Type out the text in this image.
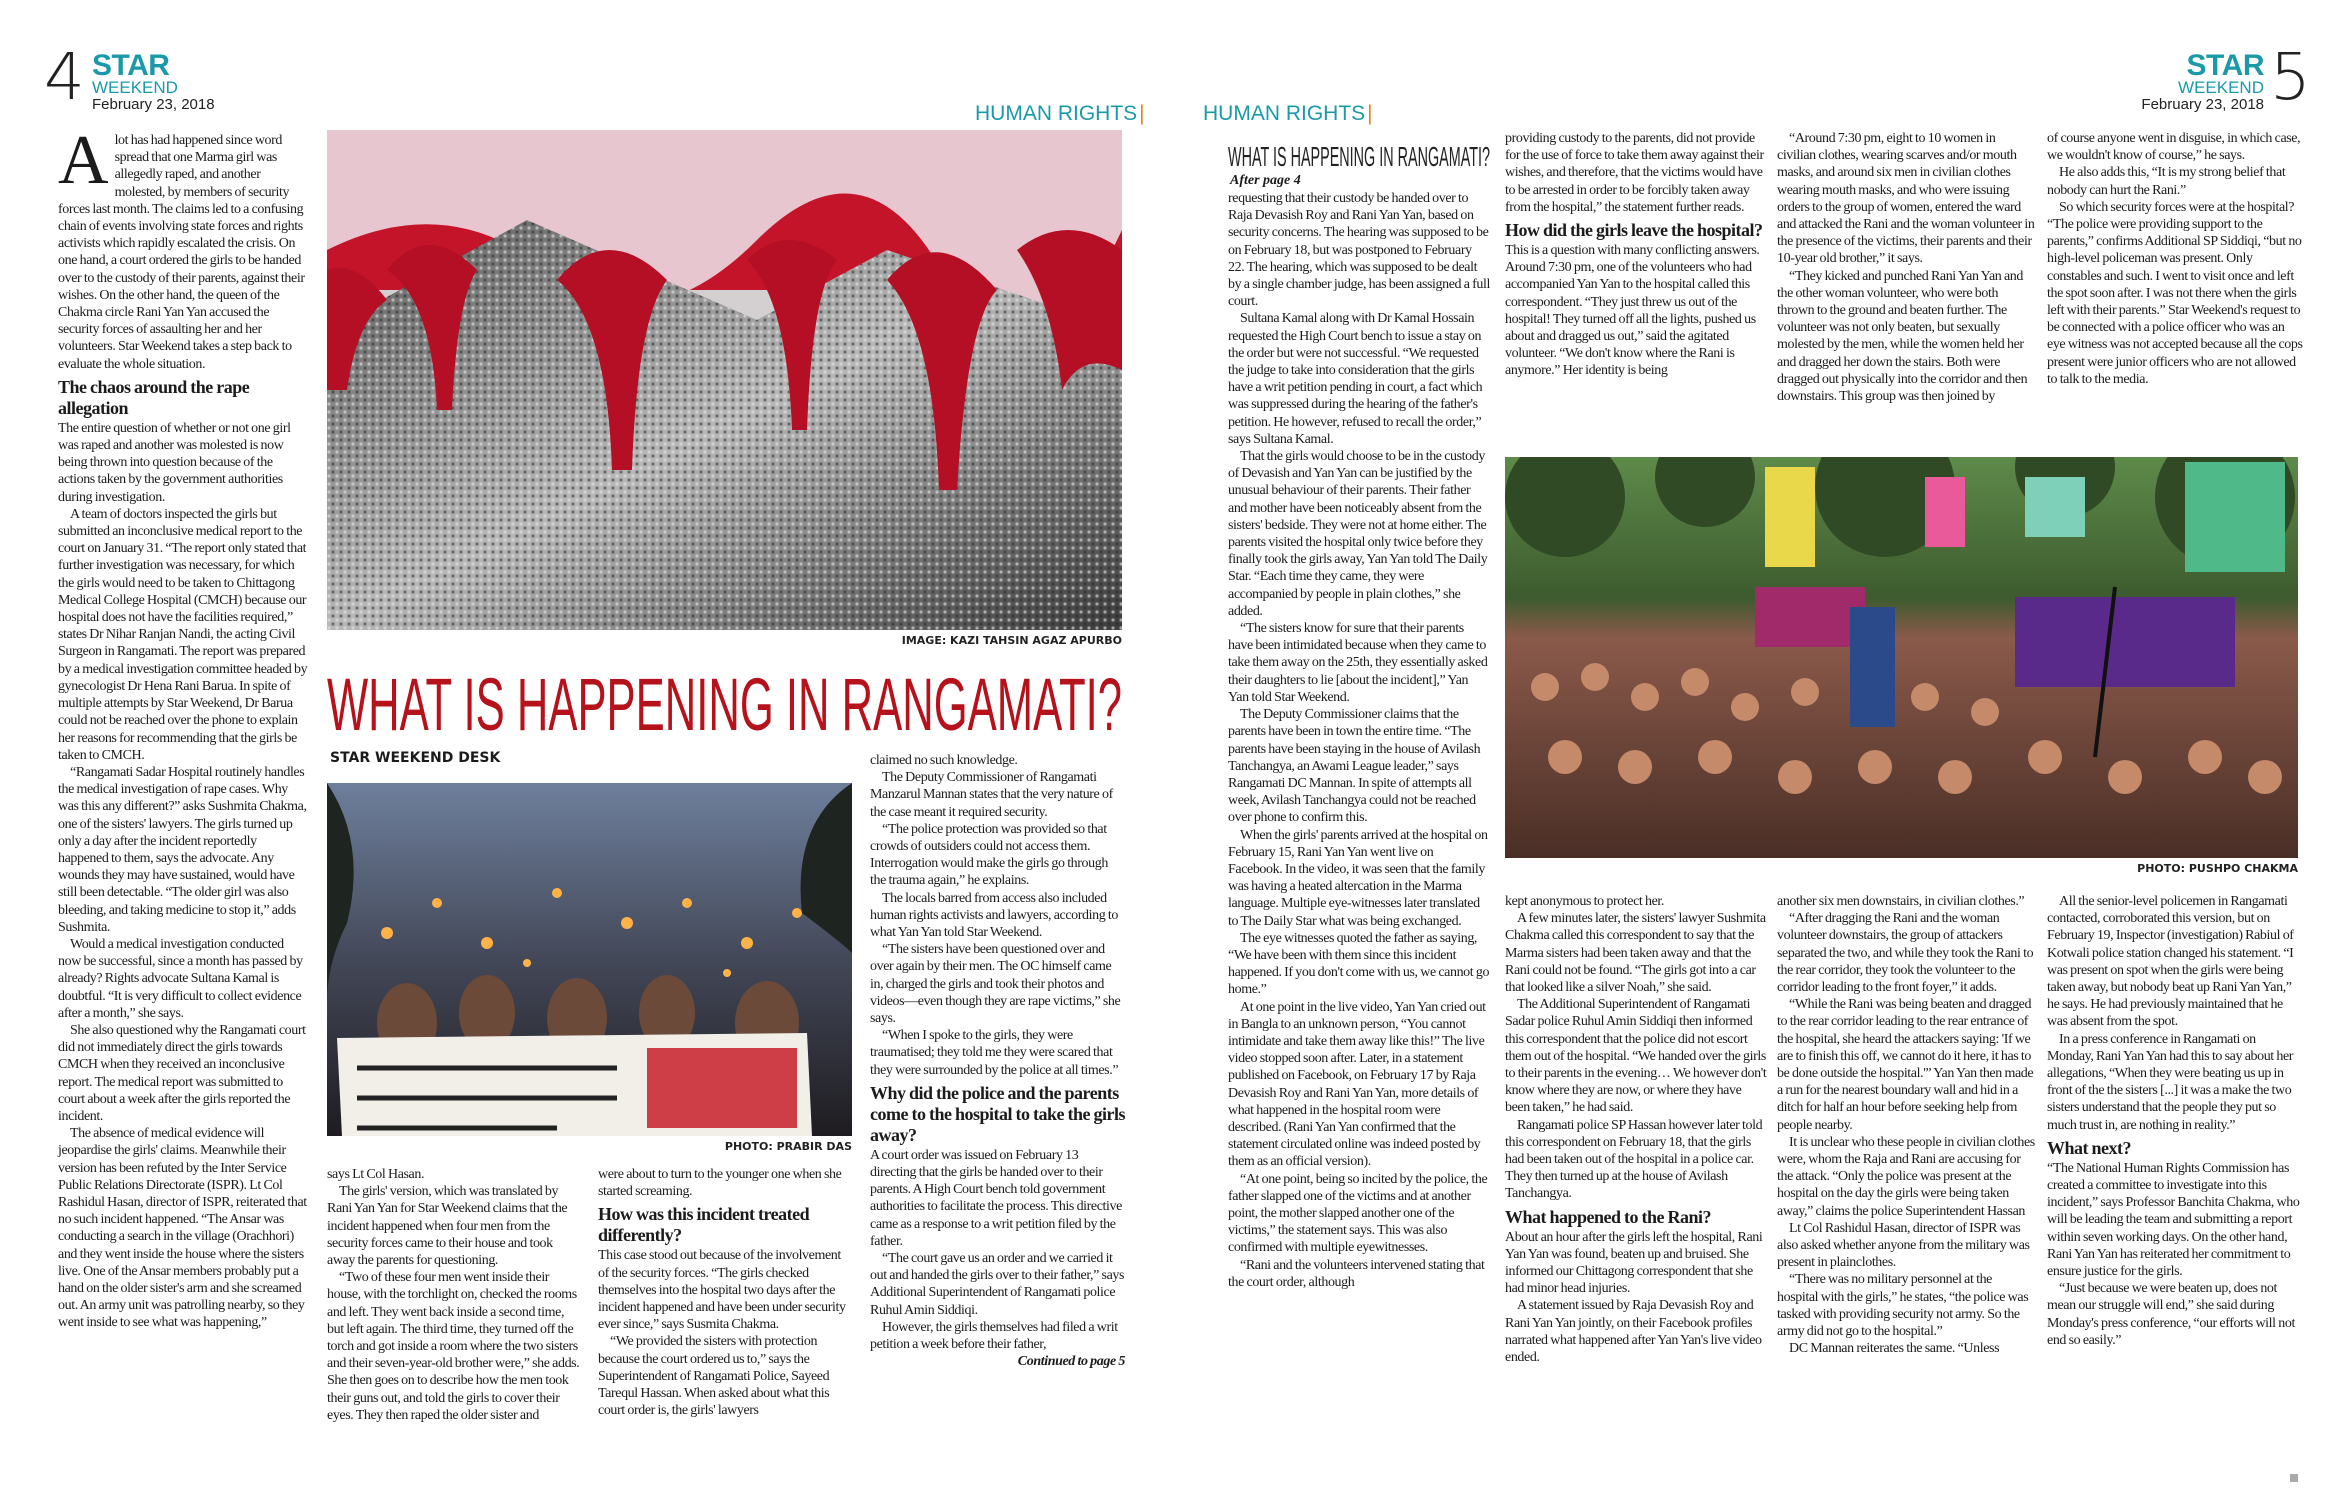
4 STAR
WEEKEND
February 23, 2018	HUMAN RIGHTS|
STAR
WEEKEND
February 23, 2018 5
HUMAN RIGHTS|

Alot has had happened since word spread that one Marma girl was allegedly raped, and another molested, by members of security forces last month. The claims led to a confusing chain of events involving state forces and rights activists which rapidly escalated the crisis. On one hand, a court ordered the girls to be handed over to the custody of their parents, against their wishes. On the other hand, the queen of the Chakma circle Rani Yan Yan accused the security forces of assaulting her and her volunteers. Star Weekend takes a step back to evaluate the whole situation.

The chaos around the rape allegation

The entire question of whether or not one girl was raped and another was molested is now being thrown into question because of the actions taken by the government authorities during investigation.

A team of doctors inspected the girls but submitted an inconclusive medical report to the court on January 31. “The report only stated that further investigation was necessary, for which the girls would need to be taken to Chittagong Medical College Hospital (CMCH) because our hospital does not have the facilities required,” states Dr Nihar Ranjan Nandi, the acting Civil Surgeon in Rangamati. The report was prepared by a medical investigation committee headed by gynecologist Dr Hena Rani Barua. In spite of multiple attempts by Star Weekend, Dr Barua could not be reached over the phone to explain her reasons for recommending that the girls be taken to CMCH.

“Rangamati Sadar Hospital routinely handles the medical investigation of rape cases. Why was this any different?” asks Sushmita Chakma, one of the sisters' lawyers. The girls turned up only a day after the incident reportedly happened to them, says the advocate. Any wounds they may have sustained, would have still been detectable. “The older girl was also bleeding, and taking medicine to stop it,” adds Sushmita.

Would a medical investigation conducted now be successful, since a month has passed by already? Rights advocate Sultana Kamal is doubtful. “It is very difficult to collect evidence after a month,” she says.

She also questioned why the Rangamati court did not immediately direct the girls towards CMCH when they received an inconclusive report. The medical report was submitted to court about a week after the girls reported the incident.

The absence of medical evidence will jeopardise the girls' claims. Meanwhile their version has been refuted by the Inter Service Public Relations Directorate (ISPR). Lt Col Rashidul Hasan, director of ISPR, reiterated that no such incident happened. “The Ansar was conducting a search in the village (Orachhori) and they went inside the house where the sisters live. One of the Ansar members probably put a hand on the older sister's arm and she screamed out. An army unit was patrolling nearby, so they went inside to see what was happening,”

IMAGE: KAZI TAHSIN AGAZ APURBO
WHAT IS HAPPENING IN RANGAMATI?
STAR WEEKEND DESK
PHOTO: PRABIR DAS

says Lt Col Hasan.

The girls' version, which was translated by Rani Yan Yan for Star Weekend claims that the incident happened when four men from the security forces came to their house and took away the parents for questioning.

“Two of these four men went inside their house, with the torchlight on, checked the rooms and left. They went back inside a second time, but left again. The third time, they turned off the torch and got inside a room where the two sisters and their seven-year-old brother were,” she adds. She then goes on to describe how the men took their guns out, and told the girls to cover their eyes. They then raped the older sister and

were about to turn to the younger one when she started screaming.

How was this incident treated differently?

This case stood out because of the involvement of the security forces. “The girls checked themselves into the hospital two days after the incident happened and have been under security ever since,” says Susmita Chakma.

“We provided the sisters with protection because the court ordered us to,” says the Superintendent of Rangamati Police, Sayeed Tarequl Hassan. When asked about what this court order is, the girls' lawyers

claimed no such knowledge.

The Deputy Commissioner of Rangamati Manzarul Mannan states that the very nature of the case meant it required security.

“The police protection was provided so that crowds of outsiders could not access them. Interrogation would make the girls go through the trauma again,” he explains.

The locals barred from access also included human rights activists and lawyers, according to what Yan Yan told Star Weekend.

“The sisters have been questioned over and over again by their men. The OC himself came in, charged the girls and took their photos and videos—even though they are rape victims,” she says.

“When I spoke to the girls, they were traumatised; they told me they were scared that they were surrounded by the police at all times.”

Why did the police and the parents come to the hospital to take the girls away?

A court order was issued on February 13 directing that the girls be handed over to their parents. A High Court bench told government authorities to facilitate the process. This directive came as a response to a writ petition filed by the father.

“The court gave us an order and we carried it out and handed the girls over to their father,” says Additional Superintendent of Rangamati police Ruhul Amin Siddiqi.

However, the girls themselves had filed a writ petition a week before their father,

Continued to page 5

WHAT IS HAPPENING IN RANGAMATI?
After page 4

requesting that their custody be handed over to Raja Devasish Roy and Rani Yan Yan, based on security concerns. The hearing was supposed to be on February 18, but was postponed to February 22. The hearing, which was supposed to be dealt by a single chamber judge, has been assigned a full court.

Sultana Kamal along with Dr Kamal Hossain requested the High Court bench to issue a stay on the order but were not successful. “We requested the judge to take into consideration that the girls have a writ petition pending in court, a fact which was suppressed during the hearing of the father's petition. He however, refused to recall the order,” says Sultana Kamal.

That the girls would choose to be in the custody of Devasish and Yan Yan can be justified by the unusual behaviour of their parents. Their father and mother have been noticeably absent from the sisters' bedside. They were not at home either. The parents visited the hospital only twice before they finally took the girls away, Yan Yan told The Daily Star. “Each time they came, they were accompanied by people in plain clothes,” she added.

“The sisters know for sure that their parents have been intimidated because when they came to take them away on the 25th, they essentially asked their daughters to lie [about the incident],” Yan Yan told Star Weekend.

The Deputy Commissioner claims that the parents have been in town the entire time. “The parents have been staying in the house of Avilash Tanchangya, an Awami League leader,” says Rangamati DC Mannan. In spite of attempts all week, Avilash Tanchangya could not be reached over phone to confirm this.

When the girls' parents arrived at the hospital on February 15, Rani Yan Yan went live on Facebook. In the video, it was seen that the family was having a heated altercation in the Marma language. Multiple eye-witnesses later translated to The Daily Star what was being exchanged.

The eye witnesses quoted the father as saying, “We have been with them since this incident happened. If you don't come with us, we cannot go home.”

At one point in the live video, Yan Yan cried out in Bangla to an unknown person, “You cannot intimidate and take them away like this!” The live video stopped soon after. Later, in a statement published on Facebook, on February 17 by Raja Devasish Roy and Rani Yan Yan, more details of what happened in the hospital room were described. (Rani Yan Yan confirmed that the statement circulated online was indeed posted by them as an official version).

“At one point, being so incited by the police, the father slapped one of the victims and at another point, the mother slapped another one of the victims,” the statement says. This was also confirmed with multiple eyewitnesses.

“Rani and the volunteers intervened stating that the court order, although

providing custody to the parents, did not provide for the use of force to take them away against their wishes, and therefore, that the victims would have to be arrested in order to be forcibly taken away from the hospital,” the statement further reads.

How did the girls leave the hospital?

This is a question with many conflicting answers. Around 7:30 pm, one of the volunteers who had accompanied Yan Yan to the hospital called this correspondent. “They just threw us out of the hospital! They turned off all the lights, pushed us about and dragged us out,” said the agitated volunteer. “We don't know where the Rani is anymore.” Her identity is being

“Around 7:30 pm, eight to 10 women in civilian clothes, wearing scarves and/or mouth masks, and around six men in civilian clothes wearing mouth masks, and who were issuing orders to the group of women, entered the ward and attacked the Rani and the woman volunteer in the presence of the victims, their parents and their 10-year old brother,” it says.

“They kicked and punched Rani Yan Yan and the other woman volunteer, who were both thrown to the ground and beaten further. The volunteer was not only beaten, but sexually molested by the men, while the women held her and dragged her down the stairs. Both were dragged out physically into the corridor and then downstairs. This group was then joined by

of course anyone went in disguise, in which case, we wouldn't know of course,” he says.

He also adds this, “It is my strong belief that nobody can hurt the Rani.”

So which security forces were at the hospital? “The police were providing support to the parents,” confirms Additional SP Siddiqi, “but no high-level policeman was present. Only constables and such. I went to visit once and left the spot soon after. I was not there when the girls left with their parents.” Star Weekend's request to be connected with a police officer who was an eye witness was not accepted because all the cops present were junior officers who are not allowed to talk to the media.

PHOTO: PUSHPO CHAKMA

kept anonymous to protect her.

A few minutes later, the sisters' lawyer Sushmita Chakma called this correspondent to say that the Marma sisters had been taken away and that the Rani could not be found. “The girls got into a car that looked like a silver Noah,” she said.

The Additional Superintendent of Rangamati Sadar police Ruhul Amin Siddiqi then informed this correspondent that the police did not escort them out of the hospital. “We handed over the girls to their parents in the evening… We however don't know where they are now, or where they have been taken,” he had said.

Rangamati police SP Hassan however later told this correspondent on February 18, that the girls had been taken out of the hospital in a police car. They then turned up at the house of Avilash Tanchangya.

What happened to the Rani?

About an hour after the girls left the hospital, Rani Yan Yan was found, beaten up and bruised. She informed our Chittagong correspondent that she had minor head injuries.

A statement issued by Raja Devasish Roy and Rani Yan Yan jointly, on their Facebook profiles narrated what happened after Yan Yan's live video ended.

another six men downstairs, in civilian clothes.”

“After dragging the Rani and the woman volunteer downstairs, the group of attackers separated the two, and while they took the Rani to the rear corridor, they took the volunteer to the corridor leading to the front foyer,” it adds.

“While the Rani was being beaten and dragged to the rear corridor leading to the rear entrance of the hospital, she heard the attackers saying: 'If we are to finish this off, we cannot do it here, it has to be done outside the hospital.'” Yan Yan then made a run for the nearest boundary wall and hid in a ditch for half an hour before seeking help from people nearby.

It is unclear who these people in civilian clothes were, whom the Raja and Rani are accusing for the attack. “Only the police was present at the hospital on the day the girls were being taken away,” claims the police Superintendent Hassan

Lt Col Rashidul Hasan, director of ISPR was also asked whether anyone from the military was present in plainclothes.

“There was no military personnel at the hospital with the girls,” he states, “the police was tasked with providing security not army. So the army did not go to the hospital.”

DC Mannan reiterates the same. “Unless

All the senior-level policemen in Rangamati contacted, corroborated this version, but on February 19, Inspector (investigation) Rabiul of Kotwali police station changed his statement. “I was present on spot when the girls were being taken away, but nobody beat up Rani Yan Yan,” he says. He had previously maintained that he was absent from the spot.

In a press conference in Rangamati on Monday, Rani Yan Yan had this to say about her allegations, “When they were beating us up in front of the the sisters [...] it was a make the two sisters understand that the people they put so much trust in, are nothing in reality.”

What next?

“The National Human Rights Commission has created a committee to investigate into this incident,” says Professor Banchita Chakma, who will be leading the team and submitting a report within seven working days. On the other hand, Rani Yan Yan has reiterated her commitment to ensure justice for the girls.

“Just because we were beaten up, does not mean our struggle will end,” she said during Monday's press conference, “our efforts will not end so easily.”
